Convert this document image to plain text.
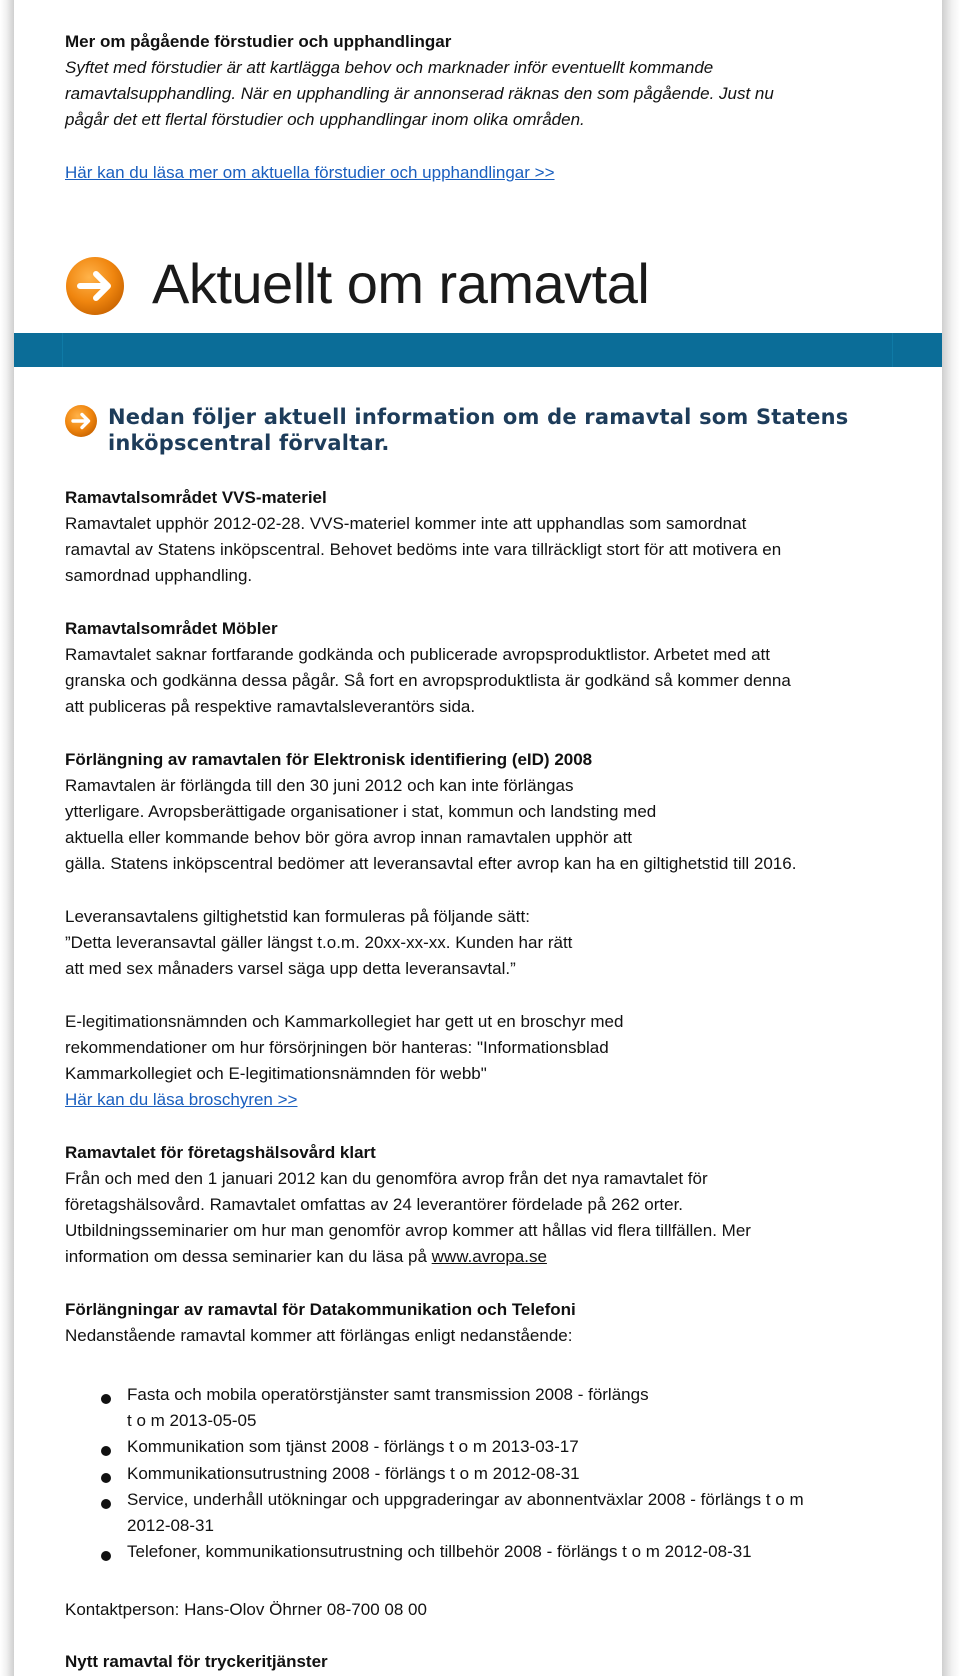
Mer om pågående förstudier och upphandlingar
Syftet med förstudier är att kartlägga behov och marknader inför eventuellt kommande
ramavtalsupphandling. När en upphandling är annonserad räknas den som pågående. Just nu
pågår det ett flertal förstudier och upphandlingar inom olika områden.
Här kan du läsa mer om aktuella förstudier och upphandlingar >>
Aktuellt om ramavtal
Nedan följer aktuell information om de ramavtal som Statens
inköpscentral förvaltar.
Ramavtalsområdet VVS-materiel
Ramavtalet upphör 2012-02-28. VVS-materiel kommer inte att upphandlas som samordnat
ramavtal av Statens inköpscentral. Behovet bedöms inte vara tillräckligt stort för att motivera en
samordnad upphandling.
Ramavtalsområdet Möbler
Ramavtalet saknar fortfarande godkända och publicerade avropsproduktlistor. Arbetet med att
granska och godkänna dessa pågår. Så fort en avropsproduktlista är godkänd så kommer denna
att publiceras på respektive ramavtalsleverantörs sida.
Förlängning av ramavtalen för Elektronisk identifiering (eID) 2008
Ramavtalen är förlängda till den 30 juni 2012 och kan inte förlängas
ytterligare. Avropsberättigade organisationer i stat, kommun och landsting med
aktuella eller kommande behov bör göra avrop innan ramavtalen upphör att
gälla. Statens inköpscentral bedömer att leveransavtal efter avrop kan ha en giltighetstid till 2016.
Leveransavtalens giltighetstid kan formuleras på följande sätt:
”Detta leveransavtal gäller längst t.o.m. 20xx-xx-xx. Kunden har rätt
att med sex månaders varsel säga upp detta leveransavtal.”
E-legitimationsnämnden och Kammarkollegiet har gett ut en broschyr med
rekommendationer om hur försörjningen bör hanteras: "Informationsblad
Kammarkollegiet och E-legitimationsnämnden för webb"
Här kan du läsa broschyren >>
Ramavtalet för företagshälsovård klart
Från och med den 1 januari 2012 kan du genomföra avrop från det nya ramavtalet för
företagshälsovård. Ramavtalet omfattas av 24 leverantörer fördelade på 262 orter.
Utbildningsseminarier om hur man genomför avrop kommer att hållas vid flera tillfällen. Mer
information om dessa seminarier kan du läsa på www.avropa.se
Förlängningar av ramavtal för Datakommunikation och Telefoni
Nedanstående ramavtal kommer att förlängas enligt nedanstående:
Fasta och mobila operatörstjänster samt transmission 2008 - förlängs
t o m 2013-05-05
Kommunikation som tjänst 2008 - förlängs t o m 2013-03-17
Kommunikationsutrustning 2008 - förlängs t o m 2012-08-31
Service, underhåll utökningar och uppgraderingar av abonnentväxlar 2008 - förlängs t o m
2012-08-31
Telefoner, kommunikationsutrustning och tillbehör 2008 - förlängs t o m 2012-08-31
Kontaktperson: Hans-Olov Öhrner 08-700 08 00
Nytt ramavtal för tryckeritjänster
